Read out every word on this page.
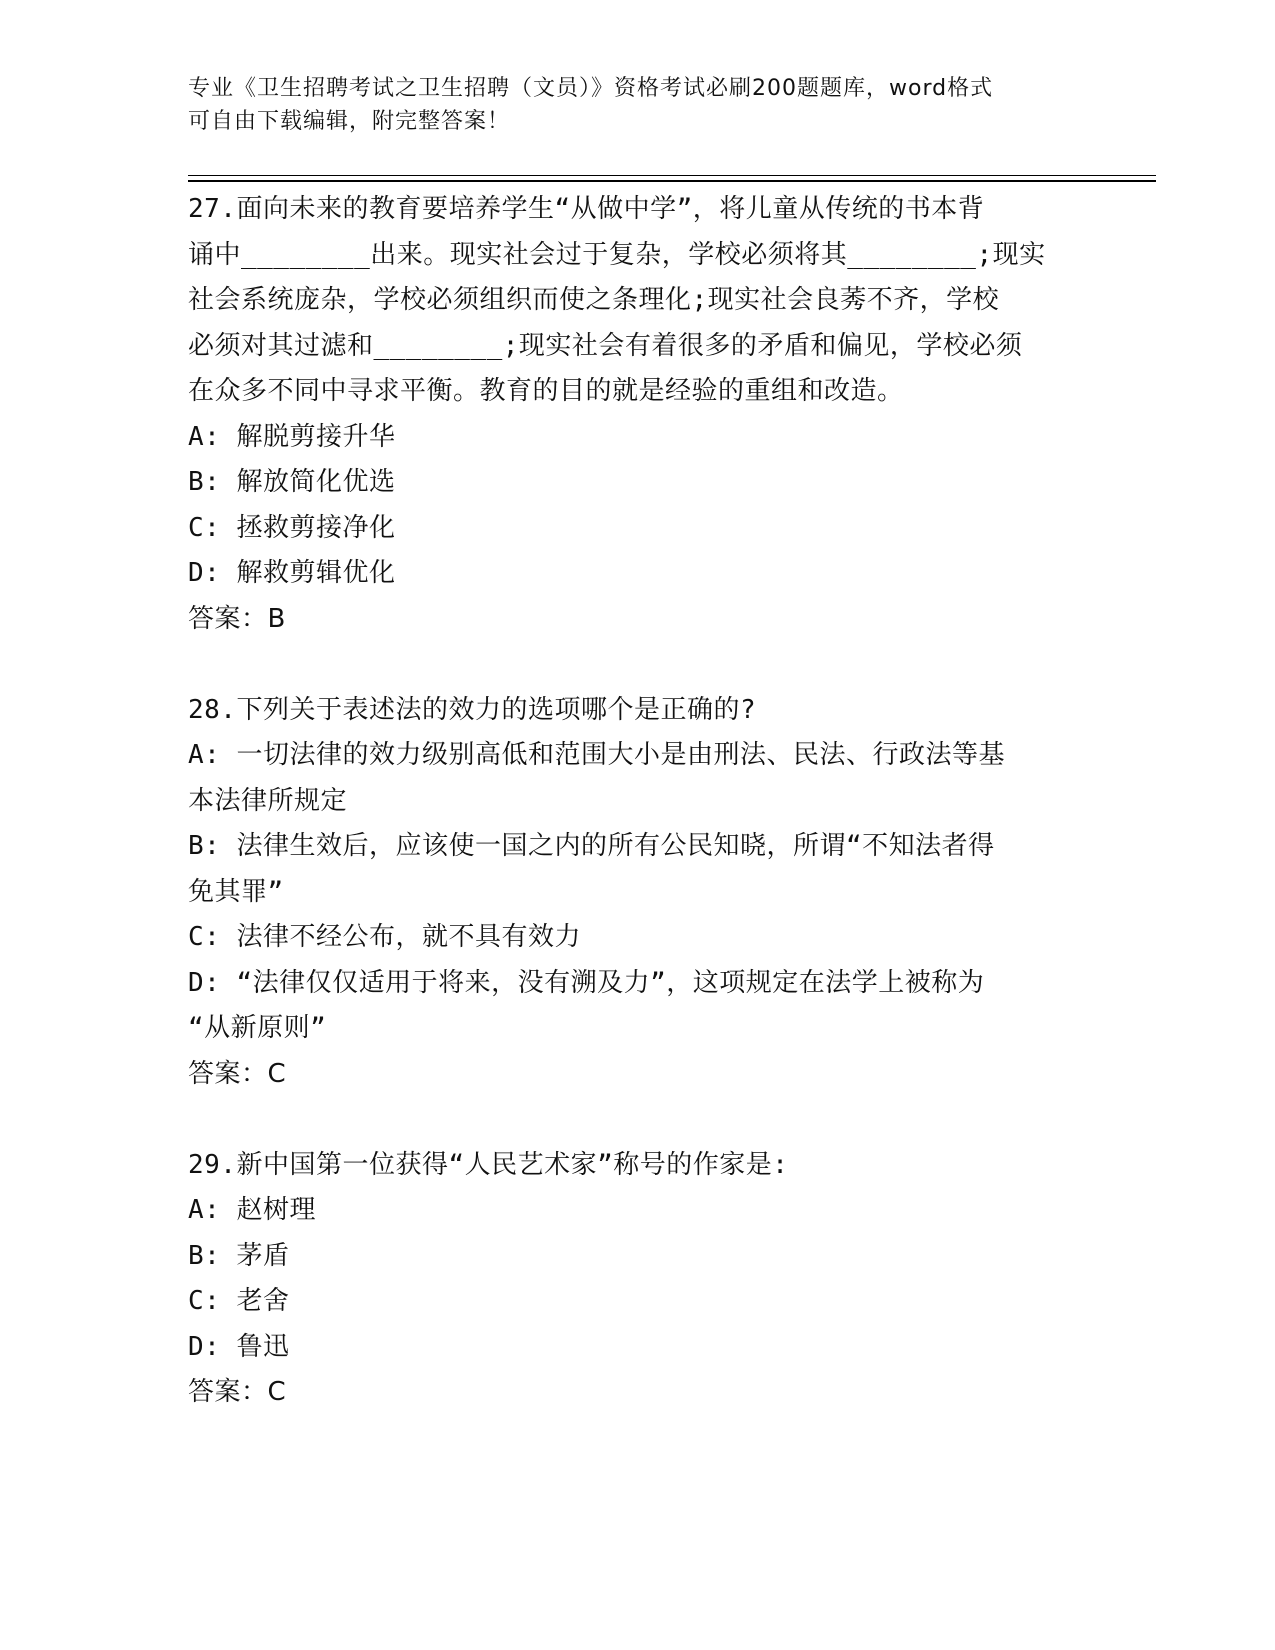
专业《卫生招聘考试之卫生招聘（文员）》资格考试必刷200题题库，word格式
可自由下载编辑，附完整答案！
27.面向未来的教育要培养学生“从做中学”，将儿童从传统的书本背
诵中________出来。现实社会过于复杂，学校必须将其________;现实
社会系统庞杂，学校必须组织而使之条理化;现实社会良莠不齐，学校
必须对其过滤和________;现实社会有着很多的矛盾和偏见，学校必须
在众多不同中寻求平衡。教育的目的就是经验的重组和改造。
A: 解脱剪接升华
B: 解放简化优选
C: 拯救剪接净化
D: 解救剪辑优化
答案：B
28.下列关于表述法的效力的选项哪个是正确的?
A: 一切法律的效力级别高低和范围大小是由刑法、民法、行政法等基
本法律所规定
B: 法律生效后，应该使一国之内的所有公民知晓，所谓“不知法者得
免其罪”
C: 法律不经公布，就不具有效力
D: “法律仅仅适用于将来，没有溯及力”，这项规定在法学上被称为
“从新原则”
答案：C
29.新中国第一位获得“人民艺术家”称号的作家是:
A: 赵树理
B: 茅盾
C: 老舍
D: 鲁迅
答案：C
